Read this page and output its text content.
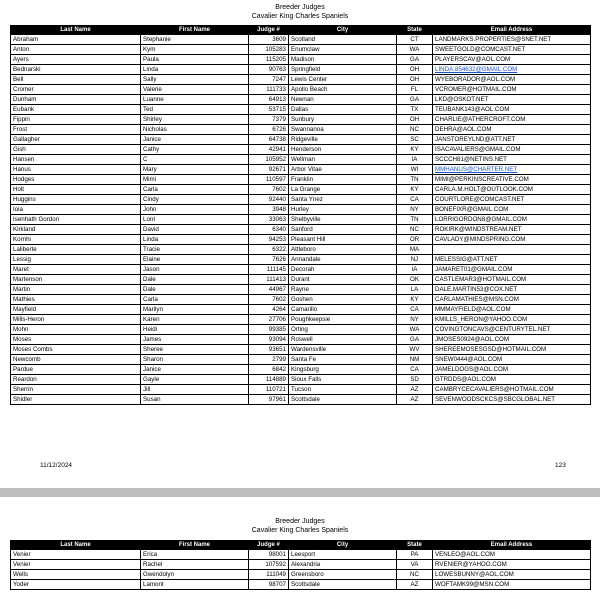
Breeder Judges
Cavalier King Charles Spaniels
Last Name	First Name	Judge #	City	State	Email Address
Abraham	Stephanie	3609	Scotland	CT	LANDMARKS.PROPERTIES@SNET.NET
Anton	Kym	105283	Enumclaw	WA	SWEETGOLD@COMCAST.NET
Ayers	Paula	115205	Madison	GA	PLAYERSCAV@AOL.COM
Bednarski	Linda	90763	Springfield	OH	LINDA.854632@GMAIL.COM
Bell	Sally	7247	Lewis Center	OH	WYEBORADOR@AOL.COM
Cromer	Valerie	111733	Apollo Beach	FL	VCROMER@HOTMAIL.COM
Dunham	Luanne	64913	Newnan	GA	LKD@OSKOT.NET
Eubank	Ted	53715	Dallas	TX	TEUBANK143@AOL.COM
Fippin	Shirley	7379	Sunbury	OH	CHARLIE@ATHERCROFT.COM
Frost	Nicholas	6726	Swannanoa	NC	DEHRA@AOL.COM
Gallagher	Janice	64738	Ridgeville	SC	JANSTOREYLND@ATT.NET
Gish	Cathy	42941	Henderson	KY	ISACAVALIERS@GMAIL.COM
Hansen	C	105952	Wellman	IA	SCCCH81@NETINS.NET
Hanus	Mary	92671	Arbor Vitae	WI	MMHANUS@CHARTER.NET
Hodges	Mimi	110597	Franklin	TN	MIMI@PERKINSCREATIVE.COM
Holt	Carla	7602	La Grange	KY	CARLA.M.HOLT@OUTLOOK.COM
Huggins	Cindy	92440	Santa Ynez	CA	COURTLORE@COMCAST.NET
Ioia	John	3948	Hurley	NY	BONEFIXR@GMAIL.COM
Isenhath Gordon	Lorri	33063	Shelbyville	TN	LORRIGORDON8@GMAIL.COM
Kirkland	David	6340	Sanford	NC	ROKIRK@WINDSTREAM.NET
Kornhi	Linda	94253	Pleasant Hill	OR	CAVLADY@MINDSPRING.COM
Laliberte	Tracie	6322	Attleboro	MA	
Lessig	Elaine	7626	Annandale	NJ	MELESSIG@ATT.NET
Maret	Jason	111145	Decorah	IA	JAMARET01@GMAIL.COM
Martenson	Dale	111413	Durant	OK	CASTLEMAR3@HOTMAIL.COM
Martin	Dale	44967	Rayne	LA	DALE.MARTIN53@COX.NET
Mathies	Carla	7602	Goshen	KY	CARLAMATHIES@MSN.COM
Mayfield	Marilyn	4264	Camarillo	CA	MMMAYFIELD@AOL.COM
Mills-Heron	Karen	27706	Poughkeepsie	NY	KMILLS_HERON@YAHOO.COM
Mohn	Heidi	99385	Orting	WA	COVINGTONCAVS@CENTURYTEL.NET
Moses	James	93094	Roswell	GA	JMOSES0924@AOL.COM
Moses Combs	Sheree	93651	Wardensville	WV	SHEREEMOSESGSD@HOTMAIL.COM
Newcomb	Sharon	2799	Santa Fe	NM	SNEW0444@AOL.COM
Pardue	Janice	6842	Kingsburg	CA	JAMELDOGS@AOL.COM
Reardon	Gayle	114889	Sioux Falls	SD	GTRDDS@AOL.COM
Sherrin	Jill	110721	Tucson	AZ	CAMBRYCECAVALIERS@HOTMAIL.COM
Shidler	Susan	97961	Scottsdale	AZ	SEVENWOODSCKCS@SBCGLOBAL.NET
11/12/2024	123
Breeder Judges
Cavalier King Charles Spaniels
Last Name	First Name	Judge #	City	State	Email Address
Venier	Erica	98001	Leesport	PA	VENLEO@AOL.COM
Venier	Rachel	107592	Alexandria	VA	RVENIER@YAHOO.COM
Wells	Gwendolyn	111049	Greensboro	NC	LOWESBUNNY@AOL.COM
Yoder	Lamont	98707	Scottsdale	AZ	WOFTAMK99@MSN.COM
